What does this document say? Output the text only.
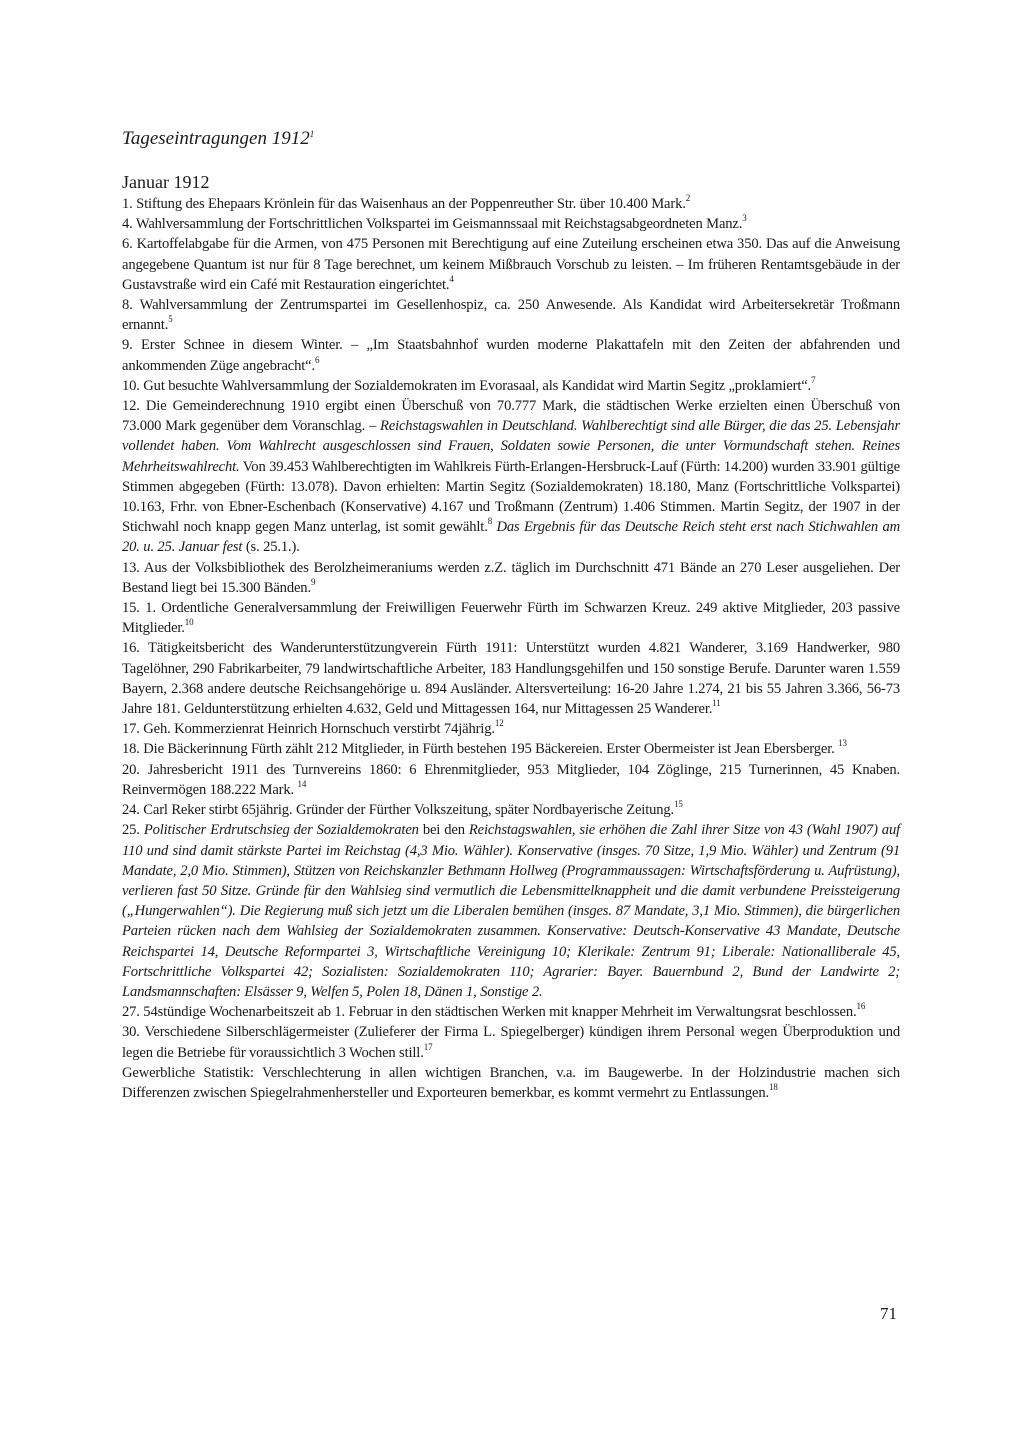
Tageseintragungen 1912$^1$
Januar 1912

1. Stiftung des Ehepaars Krönlein für das Waisenhaus an der Poppenreuther Str. über 10.400 Mark.$^2$

4. Wahlversammlung der Fortschrittlichen Volkspartei im Geismannssaal mit Reichstagsabgeordneten Manz.$^3$

6. Kartoffelabgabe für die Armen, von 475 Personen mit Berechtigung auf eine Zuteilung erscheinen etwa 350. Das auf die Anweisung angegebene Quantum ist nur für 8 Tage berechnet, um keinem Mißbrauch Vorschub zu leisten. – Im früheren Rentamtsgebäude in der Gustavstraße wird ein Café mit Restauration eingerichtet.$^4$

8. Wahlversammlung der Zentrumspartei im Gesellenhospiz, ca. 250 Anwesende. Als Kandidat wird Arbeitersekretär Troßmann ernannt.$^5$

9. Erster Schnee in diesem Winter. – „Im Staatsbahnhof wurden moderne Plakattafeln mit den Zeiten der abfahrenden und ankommenden Züge angebracht“.$^6$

10. Gut besuchte Wahlversammlung der Sozialdemokraten im Evorasaal, als Kandidat wird Martin Segitz „proklamiert“.$^7$

12. Die Gemeinderechnung 1910 ergibt einen Überschuß von 70.777 Mark, die städtischen Werke erzielten einen Überschuß von 73.000 Mark gegenüber dem Voranschlag. – Reichstagswahlen in Deutschland. Wahlberechtigt sind alle Bürger, die das 25. Lebensjahr vollendet haben. Vom Wahlrecht ausgeschlossen sind Frauen, Soldaten sowie Personen, die unter Vormundschaft stehen. Reines Mehrheitswahlrecht. Von 39.453 Wahlberechtigten im Wahlkreis Fürth-Erlangen-Hersbruck-Lauf (Fürth: 14.200) wurden 33.901 gültige Stimmen abgegeben (Fürth: 13.078). Davon erhielten: Martin Segitz (Sozialdemokraten) 18.180, Manz (Fortschrittliche Volkspartei) 10.163, Frhr. von Ebner-Eschenbach (Konservative) 4.167 und Troßmann (Zentrum) 1.406 Stimmen. Martin Segitz, der 1907 in der Stichwahl noch knapp gegen Manz unterlag, ist somit gewählt.$^8$ Das Ergebnis für das Deutsche Reich steht erst nach Stichwahlen am 20. u. 25. Januar fest (s. 25.1.).

13. Aus der Volksbibliothek des Berolzheimeraniums werden z.Z. täglich im Durchschnitt 471 Bände an 270 Leser ausgeliehen. Der Bestand liegt bei 15.300 Bänden.$^9$

15. 1. Ordentliche Generalversammlung der Freiwilligen Feuerwehr Fürth im Schwarzen Kreuz. 249 aktive Mitglieder, 203 passive Mitglieder.$^{10}$

16. Tätigkeitsbericht des Wanderunterstützungverein Fürth 1911: Unterstützt wurden 4.821 Wanderer, 3.169 Handwerker, 980 Tagelöhner, 290 Fabrikarbeiter, 79 landwirtschaftliche Arbeiter, 183 Handlungsgehilfen und 150 sonstige Berufe. Darunter waren 1.559 Bayern, 2.368 andere deutsche Reichsangehörige u. 894 Ausländer. Altersverteilung: 16-20 Jahre 1.274, 21 bis 55 Jahren 3.366, 56-73 Jahre 181. Geldunterstützung erhielten 4.632, Geld und Mittagessen 164, nur Mittagessen 25 Wanderer.$^{11}$

17. Geh. Kommerzienrat Heinrich Hornschuch verstirbt 74jährig.$^{12}$

18. Die Bäckerinnung Fürth zählt 212 Mitglieder, in Fürth bestehen 195 Bäckereien. Erster Obermeister ist Jean Ebersberger. $^{13}$

20. Jahresbericht 1911 des Turnvereins 1860: 6 Ehrenmitglieder, 953 Mitglieder, 104 Zöglinge, 215 Turnerinnen, 45 Knaben. Reinvermögen 188.222 Mark. $^{14}$

24. Carl Reker stirbt 65jährig. Gründer der Fürther Volkszeitung, später Nordbayerische Zeitung.$^{15}$

25. Politischer Erdrutschsieg der Sozialdemokraten bei den Reichstagswahlen, sie erhöhen die Zahl ihrer Sitze von 43 (Wahl 1907) auf 110 und sind damit stärkste Partei im Reichstag (4,3 Mio. Wähler). Konservative (insges. 70 Sitze, 1,9 Mio. Wähler) und Zentrum (91 Mandate, 2,0 Mio. Stimmen), Stützen von Reichskanzler Bethmann Hollweg (Programmaussagen: Wirtschaftsförderung u. Aufrüstung), verlieren fast 50 Sitze. Gründe für den Wahlsieg sind vermutlich die Lebensmittelknappheit und die damit verbundene Preissteigerung („Hungerwahlen“). Die Regierung muß sich jetzt um die Liberalen bemühen (insges. 87 Mandate, 3,1 Mio. Stimmen), die bürgerlichen Parteien rücken nach dem Wahlsieg der Sozialdemokraten zusammen. Konservative: Deutsch-Konservative 43 Mandate, Deutsche Reichspartei 14, Deutsche Reformpartei 3, Wirtschaftliche Vereinigung 10; Klerikale: Zentrum 91; Liberale: Nationalliberale 45, Fortschrittliche Volkspartei 42; Sozialisten: Sozialdemokraten 110; Agrarier: Bayer. Bauernbund 2, Bund der Landwirte 2; Landsmannschaften: Elsässer 9, Welfen 5, Polen 18, Dänen 1, Sonstige 2.

27. 54stündige Wochenarbeitszeit ab 1. Februar in den städtischen Werken mit knapper Mehrheit im Verwaltungsrat beschlossen.$^{16}$

30. Verschiedene Silberschlägermeister (Zulieferer der Firma L. Spiegelberger) kündigen ihrem Personal wegen Überproduktion und legen die Betriebe für voraussichtlich 3 Wochen still.$^{17}$

Gewerbliche Statistik: Verschlechterung in allen wichtigen Branchen, v.a. im Baugewerbe. In der Holzindustrie machen sich Differenzen zwischen Spiegelrahmenhersteller und Exporteuren bemerkbar, es kommt vermehrt zu Entlassungen.$^{18}$

71
